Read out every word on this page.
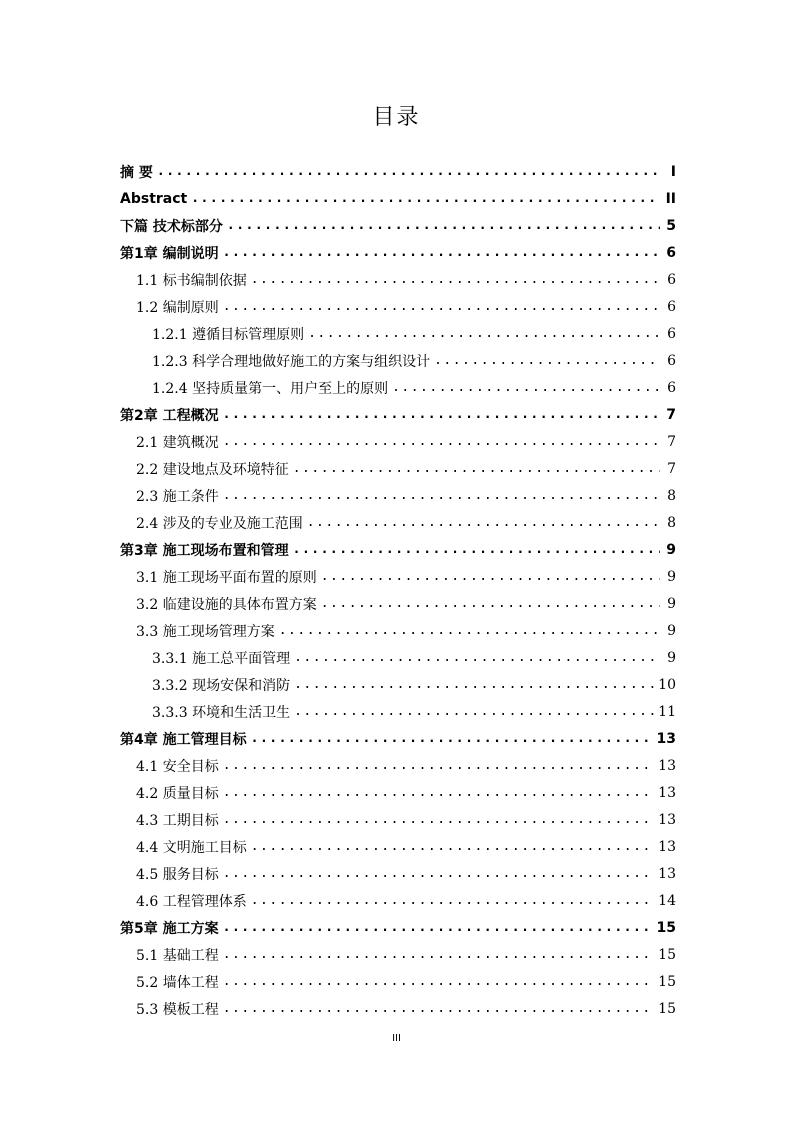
目录
摘 要 .....	I
Abstract .....	II
下篇 技术标部分 .....	5
第1章 编制说明 .....	6
1.1 标书编制依据 .....	6
1.2 编制原则 .....	6
1.2.1 遵循目标管理原则 .....	6
1.2.3 科学合理地做好施工的方案与组织设计 .....	6
1.2.4 坚持质量第一、用户至上的原则 .....	6
第2章 工程概况 .....	7
2.1 建筑概况 .....	7
2.2 建设地点及环境特征 .....	7
2.3 施工条件 .....	8
2.4 涉及的专业及施工范围 .....	8
第3章 施工现场布置和管理 .....	9
3.1 施工现场平面布置的原则 .....	9
3.2 临建设施的具体布置方案 .....	9
3.3 施工现场管理方案 .....	9
3.3.1 施工总平面管理 .....	9
3.3.2 现场安保和消防 .....	10
3.3.3 环境和生活卫生 .....	11
第4章 施工管理目标 .....	13
4.1 安全目标 .....	13
4.2 质量目标 .....	13
4.3 工期目标 .....	13
4.4 文明施工目标 .....	13
4.5 服务目标 .....	13
4.6 工程管理体系 .....	14
第5章 施工方案 .....	15
5.1 基础工程 .....	15
5.2 墙体工程 .....	15
5.3 模板工程 .....	15
III
